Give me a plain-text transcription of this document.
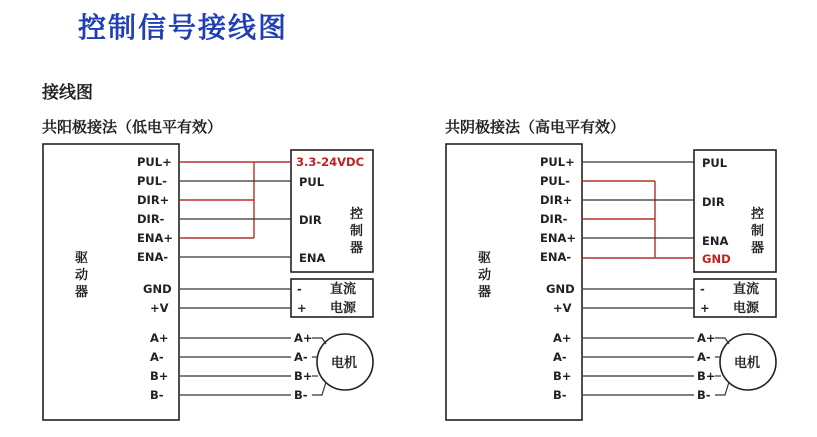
控制信号接线图
接线图
共阳极接法（低电平有效）	共阴极接法（高电平有效）
驱
动
器
PUL+
PUL-
DIR+
DIR-
ENA+
ENA-
GND
+V
A+
A-
B+
B-
3.3-24VDC
PUL
DIR
ENA
控
制
器
-
+
直流
电源
电机
A+
A-
B+
B-
驱
动
器
PUL+
PUL-
DIR+
DIR-
ENA+
ENA-
GND
+V
A+
A-
B+
B-
PUL
DIR
ENA
GND
控
制
器
-
+
直流
电源
电机
A+
A-
B+
B-
